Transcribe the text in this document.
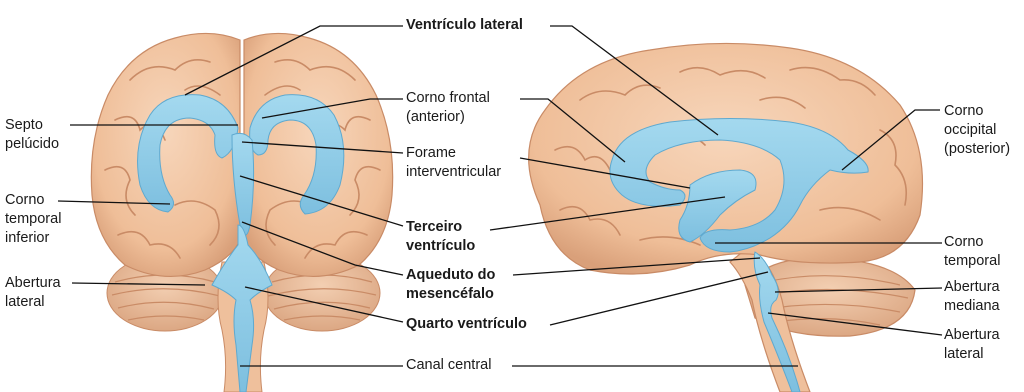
Ventrículo lateral
Corno frontal
(anterior)
Septo
pelúcido
Forame
interventricular
Corno
temporal
inferior
Terceiro
ventrículo
Aqueduto do
mesencéfalo
Abertura
lateral
Quarto ventrículo
Canal central
Corno
occipital
(posterior)
Corno
temporal
Abertura
mediana
Abertura
lateral
